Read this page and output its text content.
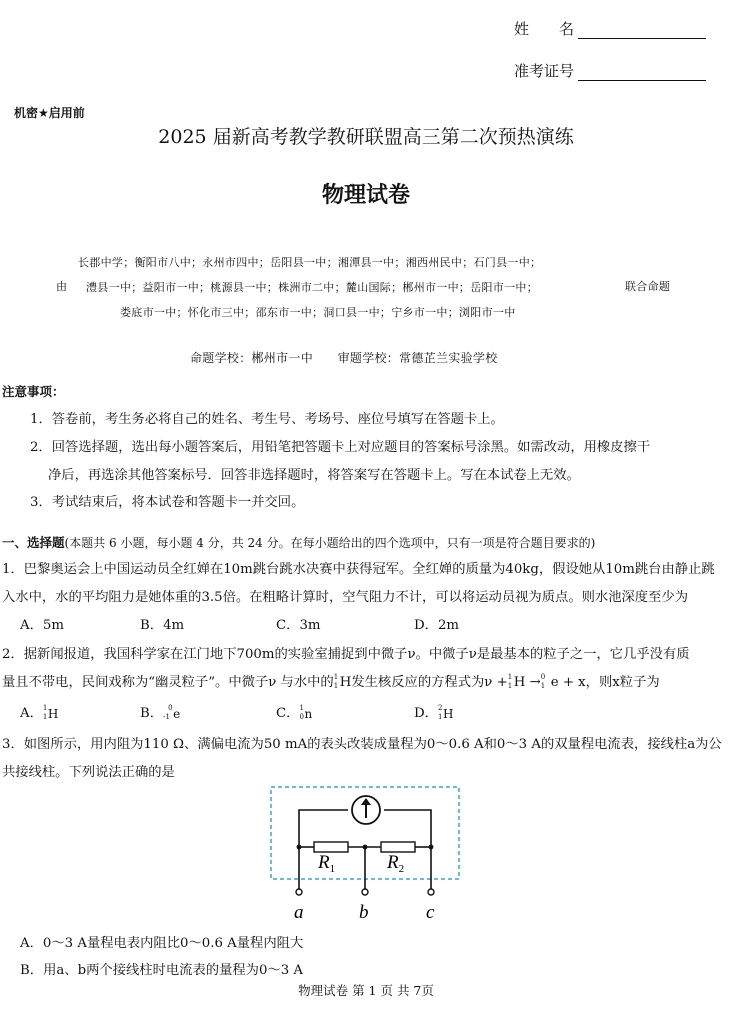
姓　　名
准考证号
机密★启用前
2025 届新高考教学教研联盟高三第二次预热演练
物理试卷
长郡中学；衡阳市八中；永州市四中；岳阳县一中；湘潭县一中；湘西州民中；石门县一中；
由 澧县一中；益阳市一中；桃源县一中；株洲市二中；麓山国际；郴州市一中；岳阳市一中；	联合命题
娄底市一中；怀化市三中；邵东市一中；洞口县一中；宁乡市一中；浏阳市一中
命题学校：郴州市一中　　审题学校：常德芷兰实验学校
注意事项：
1．答卷前，考生务必将自己的姓名、考生号、考场号、座位号填写在答题卡上。
2．回答选择题，选出每小题答案后，用铅笔把答题卡上对应题目的答案标号涂黑。如需改动，用橡皮擦干
净后，再选涂其他答案标号．回答非选择题时，将答案写在答题卡上。写在本试卷上无效。
3．考试结束后，将本试卷和答题卡一并交回。
一、选择题(本题共 6 小题，每小题 4 分，共 24 分。在每小题给出的四个选项中，只有一项是符合题目要求的)
1．巴黎奥运会上中国运动员全红婵在10m跳台跳水决赛中获得冠军。全红婵的质量为40kg，假设她从10m跳台由静止跳
入水中，水的平均阻力是她体重的3.5倍。在粗略计算时，空气阻力不计，可以将运动员视为质点。则水池深度至少为
A．5m	B．4m	C．3m	D．2m
2．据新闻报道，我国科学家在江门地下700m的实验室捕捉到中微子ν。中微子ν是最基本的粒子之一，它几乎没有质
量且不带电，民间戏称为“幽灵粒子”。中微子ν 与水中的 1
1 H发生核反应的方程式为ν + 1
1 H → 0
1 e + x，则x粒子为
A． 1
1 H	B． 0
-1 e	C． 1
0 n	D． 2
1 H
3．如图所示，用内阻为110 Ω、满偏电流为50 mA的表头改装成量程为0～0.6 A和0～3 A的双量程电流表，接线柱a为公
共接线柱。下列说法正确的是
$R_1$	$R_2$
a	b	c
A．0～3 A量程电表内阻比0～0.6 A量程内阻大
B．用a、b两个接线柱时电流表的量程为0～3 A
物理试卷 第 1 页 共 7页
